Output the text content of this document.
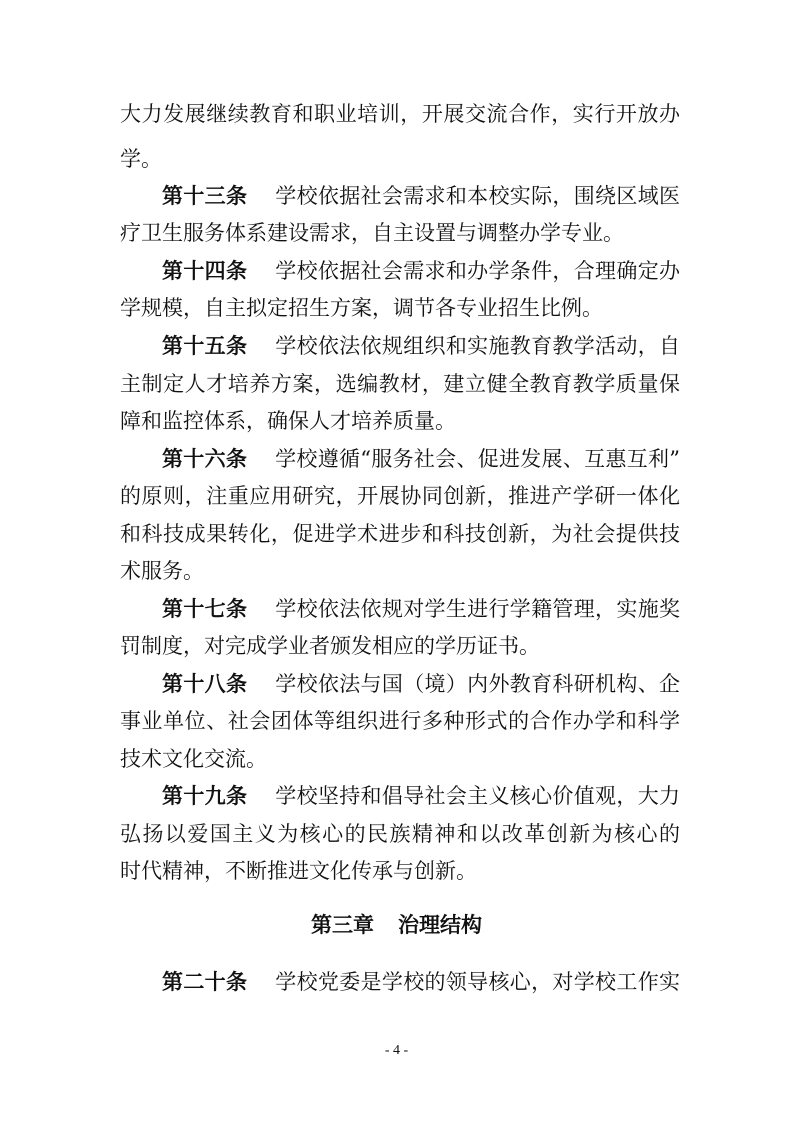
大力发展继续教育和职业培训，开展交流合作，实行开放办
学。
第十三条 学校依据社会需求和本校实际，围绕区域医
疗卫生服务体系建设需求，自主设置与调整办学专业。
第十四条 学校依据社会需求和办学条件，合理确定办
学规模，自主拟定招生方案，调节各专业招生比例。
第十五条 学校依法依规组织和实施教育教学活动，自
主制定人才培养方案，选编教材，建立健全教育教学质量保
障和监控体系，确保人才培养质量。
第十六条 学校遵循“服务社会、促进发展、互惠互利”
的原则，注重应用研究，开展协同创新，推进产学研一体化
和科技成果转化，促进学术进步和科技创新，为社会提供技
术服务。
第十七条 学校依法依规对学生进行学籍管理，实施奖
罚制度，对完成学业者颁发相应的学历证书。
第十八条 学校依法与国（境）内外教育科研机构、企
事业单位、社会团体等组织进行多种形式的合作办学和科学
技术文化交流。
第十九条 学校坚持和倡导社会主义核心价值观，大力
弘扬以爱国主义为核心的民族精神和以改革创新为核心的
时代精神，不断推进文化传承与创新。
第三章 治理结构
第二十条 学校党委是学校的领导核心，对学校工作实
- 4 -
